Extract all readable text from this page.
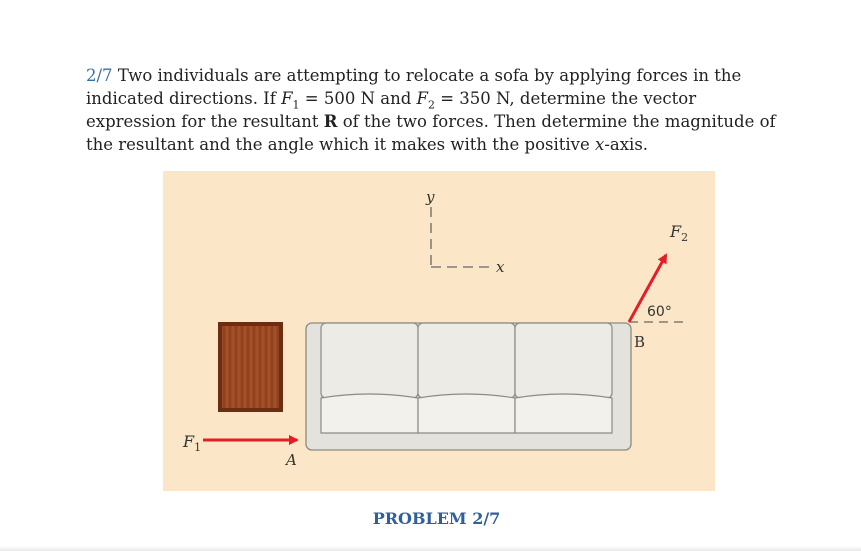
2/7 Two individuals are attempting to relocate a sofa by applying forces in the
indicated directions. If $F_1 = 500$ N and $F_2 = 350$ N, determine the vector
expression for the resultant R of the two forces. Then determine the magnitude of
the resultant and the angle which it makes with the positive x-axis.

y
x
$F_2$
60°
B
$F_1$
A
PROBLEM 2/7
